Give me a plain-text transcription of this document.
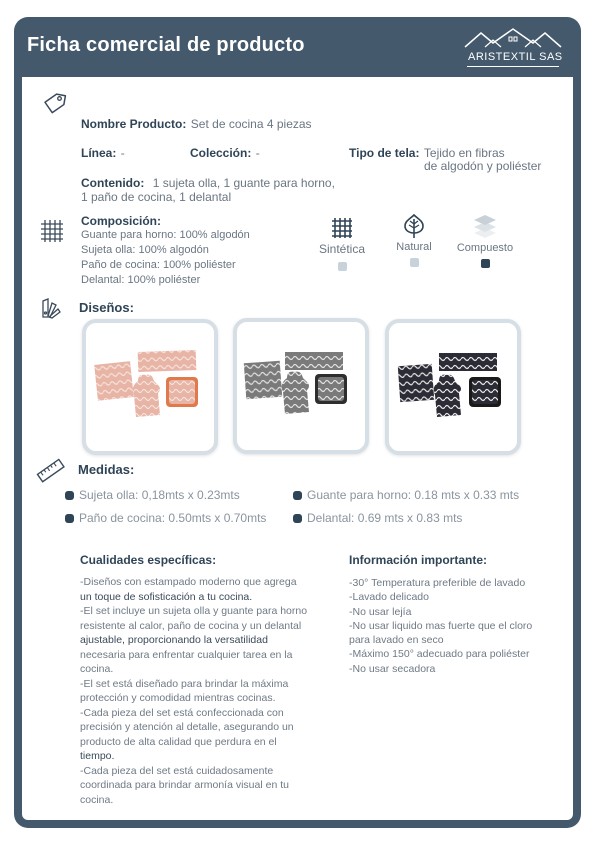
Ficha comercial de producto
ARISTEXTIL SAS
Nombre Producto: Set de cocina 4 piezas
Línea: -	Colección: -	Tipo de tela: Tejido en fibras
de algodón y poliéster
Contenido: 1 sujeta olla, 1 guante para horno,
1 paño de cocina, 1 delantal
Composición:
Guante para horno: 100% algodón
Sujeta olla: 100% algodón
Paño de cocina: 100% poliéster
Delantal: 100% poliéster
Sintética	Natural	Compuesto
Diseños:
Medidas:
Sujeta olla: 0,18mts x 0.23mts	Guante para horno: 0.18 mts x 0.33 mts
Paño de cocina: 0.50mts x 0.70mts	Delantal: 0.69 mts x 0.83 mts
Cualidades específicas:
-Diseños con estampado moderno que agrega
un toque de sofisticación a tu cocina.
-El set incluye un sujeta olla y guante para horno
resistente al calor, paño de cocina y un delantal
ajustable, proporcionando la versatilidad
necesaria para enfrentar cualquier tarea en la
cocina.
-El set está diseñado para brindar la máxima
protección y comodidad mientras cocinas.
-Cada pieza del set está confeccionada con
precisión y atención al detalle, asegurando un
producto de alta calidad que perdura en el
tiempo.
-Cada pieza del set está cuidadosamente
coordinada para brindar armonía visual en tu
cocina.
Información importante:
-30° Temperatura preferible de lavado
-Lavado delicado
-No usar lejía
-No usar liquido mas fuerte que el cloro
para lavado en seco
-Máximo 150° adecuado para poliéster
-No usar secadora
